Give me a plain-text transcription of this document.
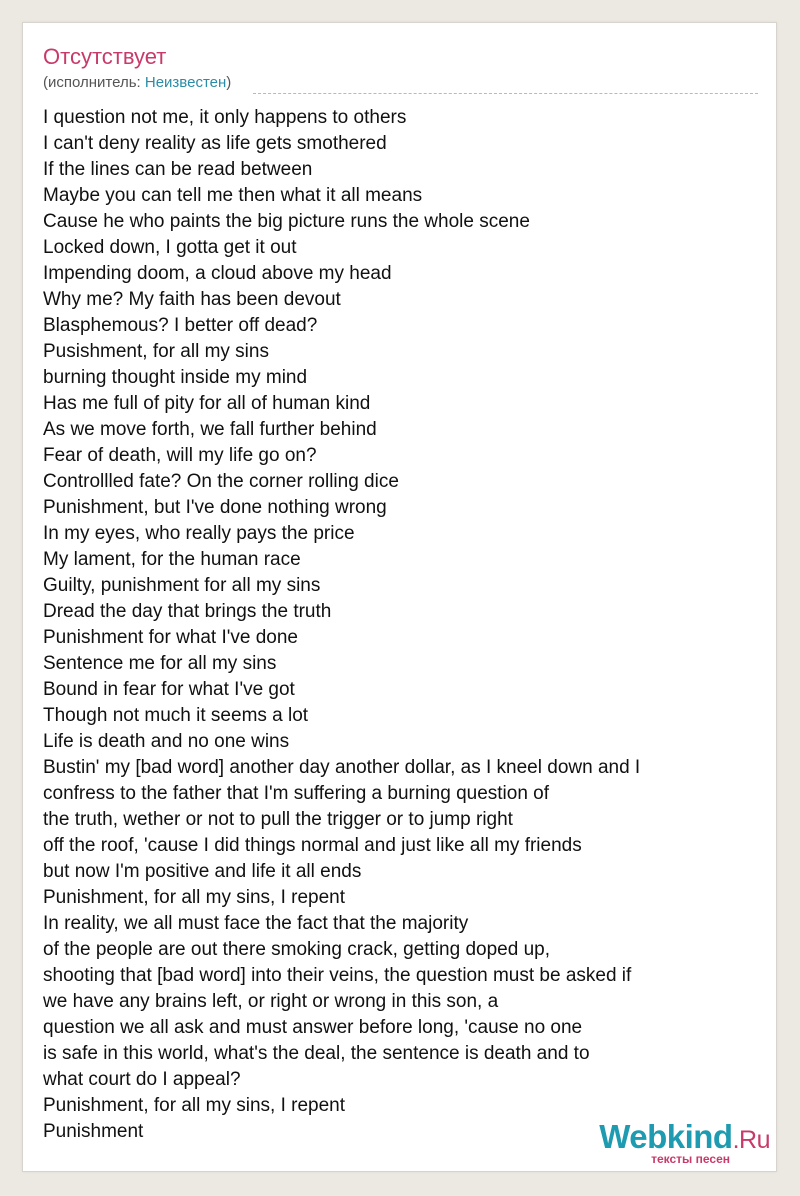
Отсутствует
(исполнитель: Неизвестен)
I question not me, it only happens to others
I can't deny reality as life gets smothered
If the lines can be read between
Maybe you can tell me then what it all means
Cause he who paints the big picture runs the whole scene
Locked down, I gotta get it out
Impending doom, a cloud above my head
Why me? My faith has been devout
Blasphemous? I better off dead?
Pusishment, for all my sins
burning thought inside my mind
Has me full of pity for all of human kind
As we move forth, we fall further behind
Fear of death, will my life go on?
Controllled fate? On the corner rolling dice
Punishment, but I've done nothing wrong
In my eyes, who really pays the price
My lament, for the human race
Guilty, punishment for all my sins
Dread the day that brings the truth
Punishment for what I've done
Sentence me for all my sins
Bound in fear for what I've got
Though not much it seems a lot
Life is death and no one wins
Bustin' my [bad word] another day another dollar, as I kneel down and I
confress to the father that I'm suffering a burning question of
the truth, wether or not to pull the trigger or to jump right
off the roof, 'cause I did things normal and just like all my friends
but now I'm positive and life it all ends
Punishment, for all my sins, I repent
In reality, we all must face the fact that the majority
of the people are out there smoking crack, getting doped up,
shooting that [bad word] into their veins, the question must be asked if
we have any brains left, or right or wrong in this son, a
question we all ask and must answer before long, 'cause no one
is safe in this world, what's the deal, the sentence is death and to
what court do I appeal?
Punishment, for all my sins, I repent
Punishment	Webkind.Ru
тексты песен
